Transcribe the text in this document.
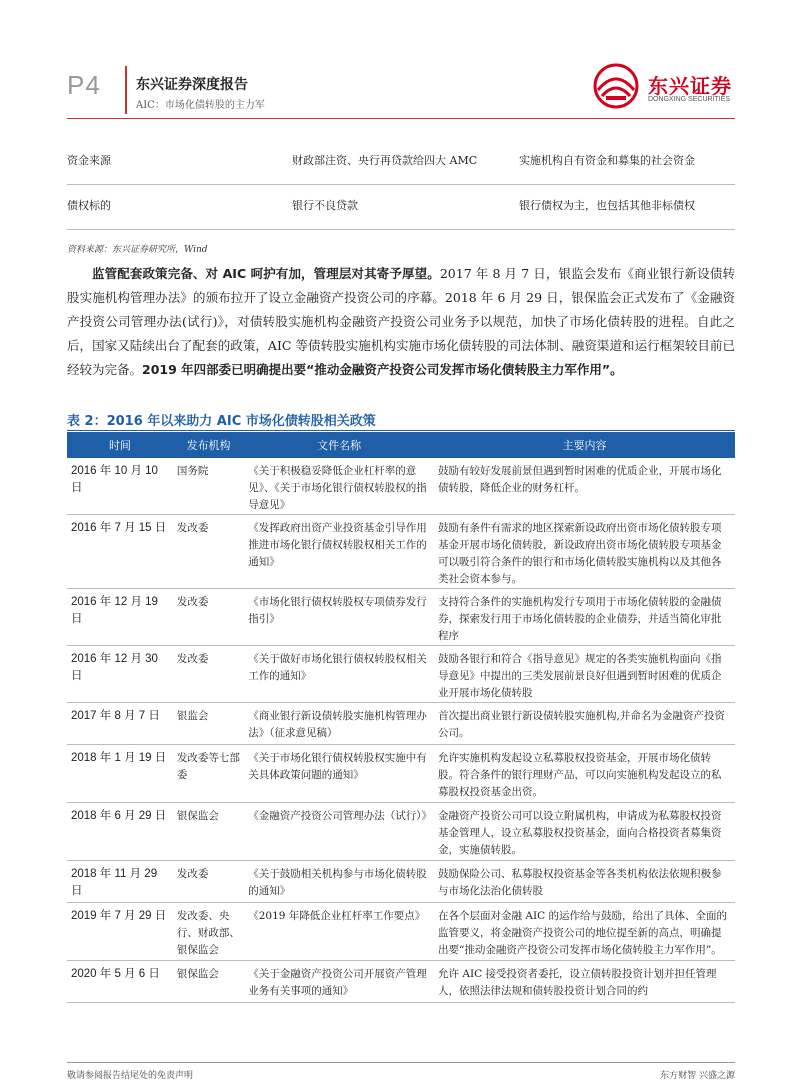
P4	东兴证券深度报告
AIC：市场化债转股的主力军
东兴证券
DONGXING SECURITIES
资金来源	财政部注资、央行再贷款给四大 AMC	实施机构自有资金和募集的社会资金
债权标的	银行不良贷款	银行债权为主，也包括其他非标债权
资料来源：东兴证券研究所，Wind
监管配套政策完备、对 AIC 呵护有加，管理层对其寄予厚望。2017 年 8 月 7 日，银监会发布《商业银行新设债转股实施机构管理办法》的颁布拉开了设立金融资产投资公司的序幕。2018 年 6 月 29 日，银保监会正式发布了《金融资产投资公司管理办法(试行)》，对债转股实施机构金融资产投资公司业务予以规范，加快了市场化债转股的进程。自此之后，国家又陆续出台了配套的政策，AIC 等债转股实施机构实施市场化债转股的司法体制、融资渠道和运行框架较目前已经较为完备。2019 年四部委已明确提出要“推动金融资产投资公司发挥市场化债转股主力军作用”。
表 2：2016 年以来助力 AIC 市场化债转股相关政策
时间	发布机构	文件名称	主要内容
2016 年 10 月 10 日	国务院	《关于积极稳妥降低企业杠杆率的意见》、《关于市场化银行债权转股权的指导意见》	鼓励有较好发展前景但遇到暂时困难的优质企业，开展市场化债转股，降低企业的财务杠杆。
2016 年 7 月 15 日	发改委	《发挥政府出资产业投资基金引导作用推进市场化银行债权转股权相关工作的通知》	鼓励有条件有需求的地区探索新设政府出资市场化债转股专项基金开展市场化债转股，新设政府出资市场化债转股专项基金可以吸引符合条件的银行和市场化债转股实施机构以及其他各类社会资本参与。
2016 年 12 月 19 日	发改委	《市场化银行债权转股权专项债券发行指引》	支持符合条件的实施机构发行专项用于市场化债转股的金融债券，探索发行用于市场化债转股的企业债券，并适当简化审批程序
2016 年 12 月 30 日	发改委	《关于做好市场化银行债权转股权相关工作的通知》	鼓励各银行和符合《指导意见》规定的各类实施机构面向《指导意见》中提出的三类发展前景良好但遇到暂时困难的优质企业开展市场化债转股
2017 年 8 月 7 日	银监会	《商业银行新设债转股实施机构管理办法》（征求意见稿）	首次提出商业银行新设债转股实施机构,并命名为金融资产投资公司。
2018 年 1 月 19 日	发改委等七部委	《关于市场化银行债权转股权实施中有关具体政策问题的通知》	允许实施机构发起设立私募股权投资基金，开展市场化债转股。符合条件的银行理财产品，可以向实施机构发起设立的私募股权投资基金出资。
2018 年 6 月 29 日	银保监会	《金融资产投资公司管理办法（试行）》	金融资产投资公司可以设立附属机构，申请成为私募股权投资基金管理人，设立私募股权投资基金，面向合格投资者募集资金，实施债转股。
2018 年 11 月 29 日	发改委	《关于鼓励相关机构参与市场化债转股的通知》	鼓励保险公司、私募股权投资基金等各类机构依法依规积极参与市场化法治化债转股
2019 年 7 月 29 日	发改委、央行、财政部、银保监会	《2019 年降低企业杠杆率工作要点》	在各个层面对金融 AIC 的运作给与鼓励，给出了具体、全面的监管要义，将金融资产投资公司的地位提至新的高点，明确提出要“推动金融资产投资公司发挥市场化债转股主力军作用”。
2020 年 5 月 6 日	银保监会	《关于金融资产投资公司开展资产管理业务有关事项的通知》	允许 AIC 接受投资者委托，设立债转股投资计划并担任管理人，依照法律法规和债转股投资计划合同的约
敬请参阅报告结尾处的免责声明	东方财智 兴盛之源
